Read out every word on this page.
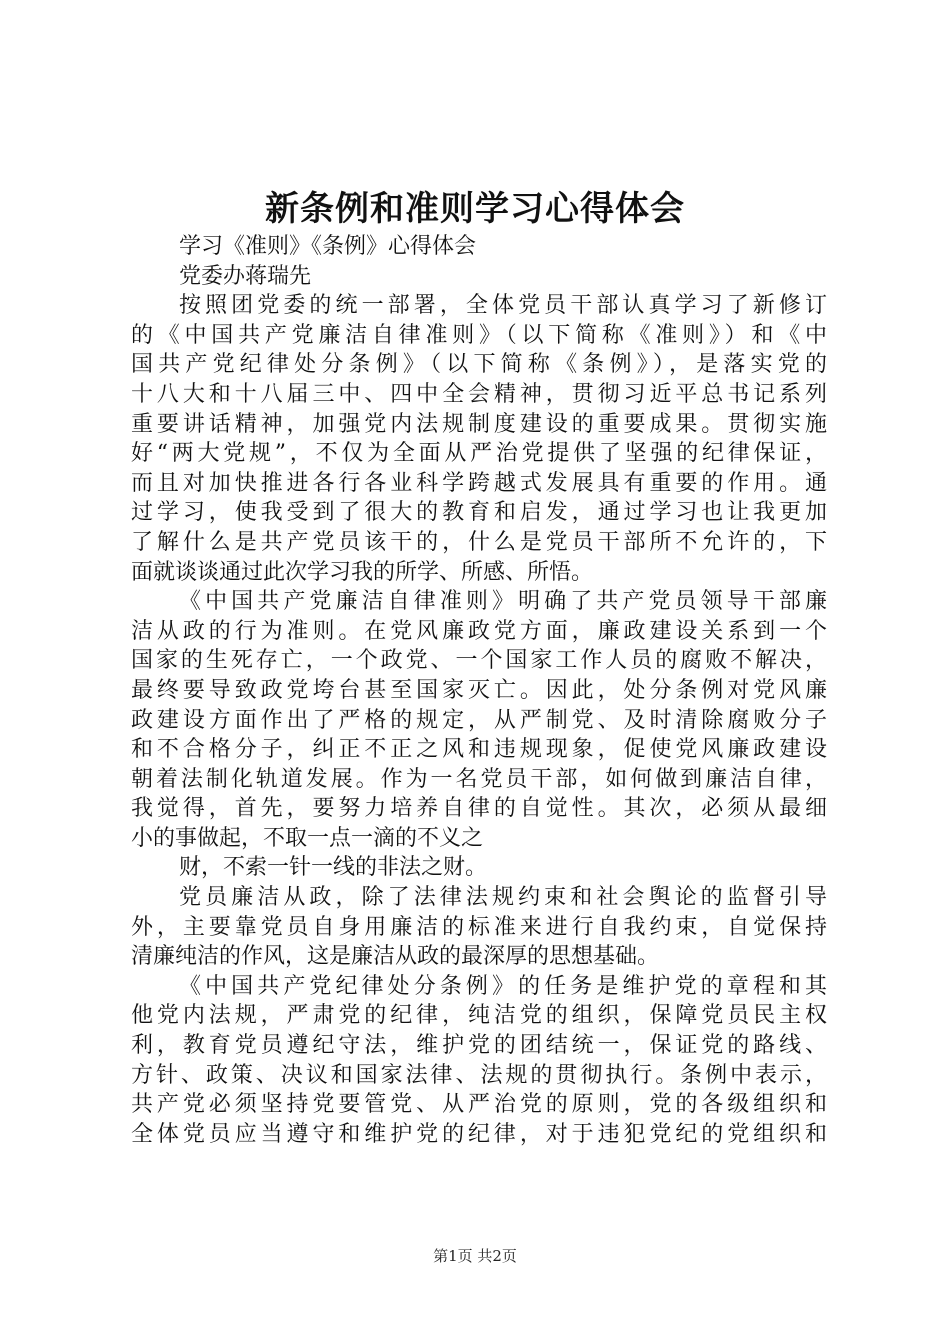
新条例和准则学习心得体会
学习《准则》《条例》心得体会
党委办蒋瑞先
按照团党委的统一部署，全体党员干部认真学习了新修订
的《中国共产党廉洁自律准则》（以下简称《准则》）和《中
国共产党纪律处分条例》（以下简称《条例》），是落实党的
十八大和十八届三中、四中全会精神，贯彻习近平总书记系列
重要讲话精神，加强党内法规制度建设的重要成果。贯彻实施
好“两大党规”，不仅为全面从严治党提供了坚强的纪律保证，
而且对加快推进各行各业科学跨越式发展具有重要的作用。通
过学习，使我受到了很大的教育和启发，通过学习也让我更加
了解什么是共产党员该干的，什么是党员干部所不允许的，下
面就谈谈通过此次学习我的所学、所感、所悟。
《中国共产党廉洁自律准则》明确了共产党员领导干部廉
洁从政的行为准则。在党风廉政党方面，廉政建设关系到一个
国家的生死存亡，一个政党、一个国家工作人员的腐败不解决，
最终要导致政党垮台甚至国家灭亡。因此，处分条例对党风廉
政建设方面作出了严格的规定，从严制党、及时清除腐败分子
和不合格分子，纠正不正之风和违规现象，促使党风廉政建设
朝着法制化轨道发展。作为一名党员干部，如何做到廉洁自律，
我觉得，首先，要努力培养自律的自觉性。其次，必须从最细
小的事做起，不取一点一滴的不义之
财，不索一针一线的非法之财。
党员廉洁从政，除了法律法规约束和社会舆论的监督引导
外，主要靠党员自身用廉洁的标准来进行自我约束，自觉保持
清廉纯洁的作风，这是廉洁从政的最深厚的思想基础。
《中国共产党纪律处分条例》的任务是维护党的章程和其
他党内法规，严肃党的纪律，纯洁党的组织，保障党员民主权
利，教育党员遵纪守法，维护党的团结统一，保证党的路线、
方针、政策、决议和国家法律、法规的贯彻执行。条例中表示，
共产党必须坚持党要管党、从严治党的原则，党的各级组织和
全体党员应当遵守和维护党的纪律，对于违犯党纪的党组织和
第1页 共2页
